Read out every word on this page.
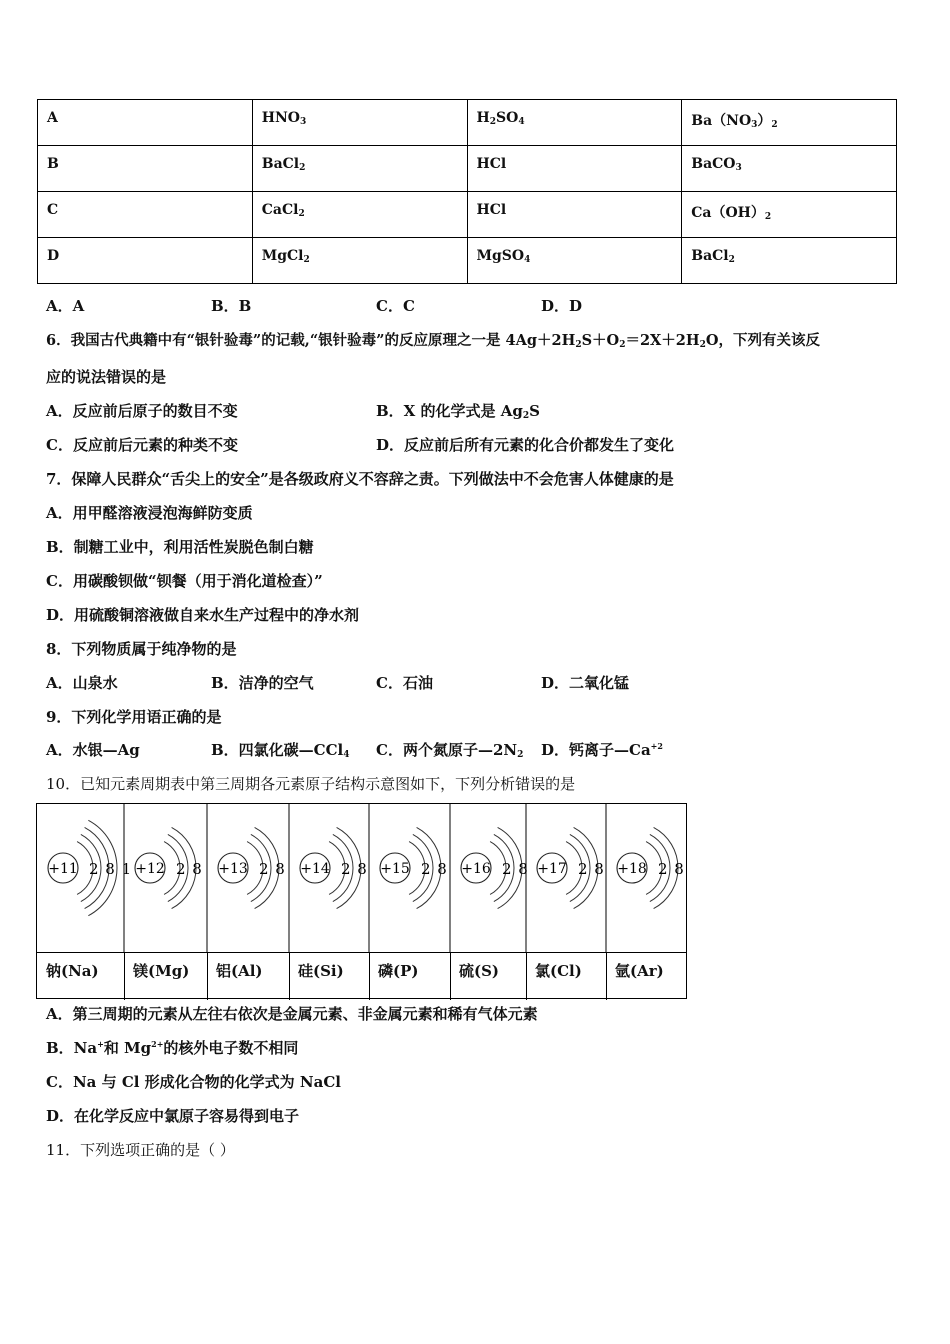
A	$HNO_3$	$H_2SO_4$	$Ba(NO_3)_2$
B	BaCl$_2$	HCl	BaCO$_3$
C	CaCl$_2$	HCl	$Ca(OH)_2$
D	MgCl$_2$	MgSO$_4$	BaCl$_2$
A．A	B．B	C．C	D．D
6．我国古代典籍中有“银针验毒”的记载,“银针验毒”的反应原理之一是 $4Ag+2H_2S+O_2=2X+2H_2O$，下列有关该反
应的说法错误的是
A．反应前后原子的数目不变	B．X 的化学式是 $Ag_2S$
C．反应前后元素的种类不变	D．反应前后所有元素的化合价都发生了变化
7．保障人民群众“舌尖上的安全”是各级政府义不容辞之责。下列做法中不会危害人体健康的是
A．用甲醛溶液浸泡海鲜防变质
B．制糖工业中，利用活性炭脱色制白糖
C．用碳酸钡做“钡餐（用于消化道检查）”
D．用硫酸铜溶液做自来水生产过程中的净水剂
8．下列物质属于纯净物的是
A．山泉水	B．洁净的空气	C．石油	D．二氧化锰
9．下列化学用语正确的是
A．水银—Ag	B．四氯化碳—CCl$_4$ C．两个氮原子$—2N_2$ D．钙离子$—Ca^{+2}$
10．已知元素周期表中第三周期各元素原子结构示意图如下，下列分析错误的是
+11 2 8 1 +12 2 8 +13 2 8 +14 2 8 +15 2 8 +16 2 8 +17 2 8 +18 2 8
钠(Na) 镁(Mg) 铝(Al) 硅(Si) 磷(P)	硫(S) 氯(Cl) 氩(Ar)
A．第三周期的元素从左往右依次是金属元素、非金属元素和稀有气体元素
B．Na+和 $Mg^{2+}$的核外电子数不相同
C．Na 与 Cl 形成化合物的化学式为 NaCl
D．在化学反应中氯原子容易得到电子
11．下列选项正确的是（ ）
